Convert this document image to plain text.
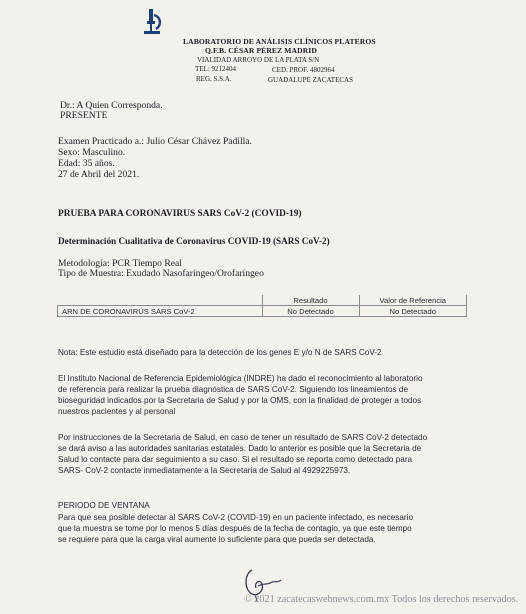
LABORATORIO DE ANÁLISIS CLÍNICOS PLATEROS
Q.F.B. CÉSAR PÉREZ MADRID
VIALIDAD ARROYO DE LA PLATA S/N
TEL: 9212404	CED. PROF. 4802964
REG. S.S.A.	GUADALUPE ZACATECAS
Dr.: A Quien Corresponda.
PRESENTE
Examen Practicado a.: Julio César Chávez Padilla.
Sexo: Masculino.
Edad: 35 años.
27 de Abril del 2021.
PRUEBA PARA CORONAVIRUS SARS CoV-2 (COVID-19)
Determinación Cualitativa de Coronavirus COVID-19 (SARS CoV-2)
Metodología: PCR Tiempo Real
Tipo de Muestra: Exudado Nasofaríngeo/Orofaríngeo
	Resultado	Valor de Referencia
ARN DE CORONAVIRUS SARS CoV-2	No Detectado	No Detectado
Nota: Este estudio está diseñado para la detección de los genes E y/o N de SARS CoV-2
El Instituto Nacional de Referencia Epidemiológica (INDRE) ha dado el reconocimiento al laboratorio
de referencia para realizar la prueba diagnóstica de SARS CoV-2. Siguiendo los lineamientos de
bioseguridad indicados por la Secretaria de Salud y por la OMS, con la finalidad de proteger a todos
nuestros pacientes y al personal
Por instrucciones de la Secretaria de Salud, en caso de tener un resultado de SARS CoV-2 detectado
se dará aviso a las autoridades sanitarias estatales. Dado lo anterior es posible que la Secretaria de
Salud lo contacte para dar seguimiento a su caso. Si el resultado se reporta como detectado para
SARS- CoV-2 contacte inmediatamente a la Secretaria de Salud al 4929225973.
PERIODO DE VENTANA
Para que sea posible detectar al SARS CoV-2 (COVID-19) en un paciente infectado, es necesario
que la muestra se tome por lo menos 5 días después de la fecha de contagio, ya que este tiempo
se requiere para que la carga viral aumente lo suficiente para que pueda ser detectada.
© 2021 zacatecaswebnews.com.mx Todos los derechos reservados.
